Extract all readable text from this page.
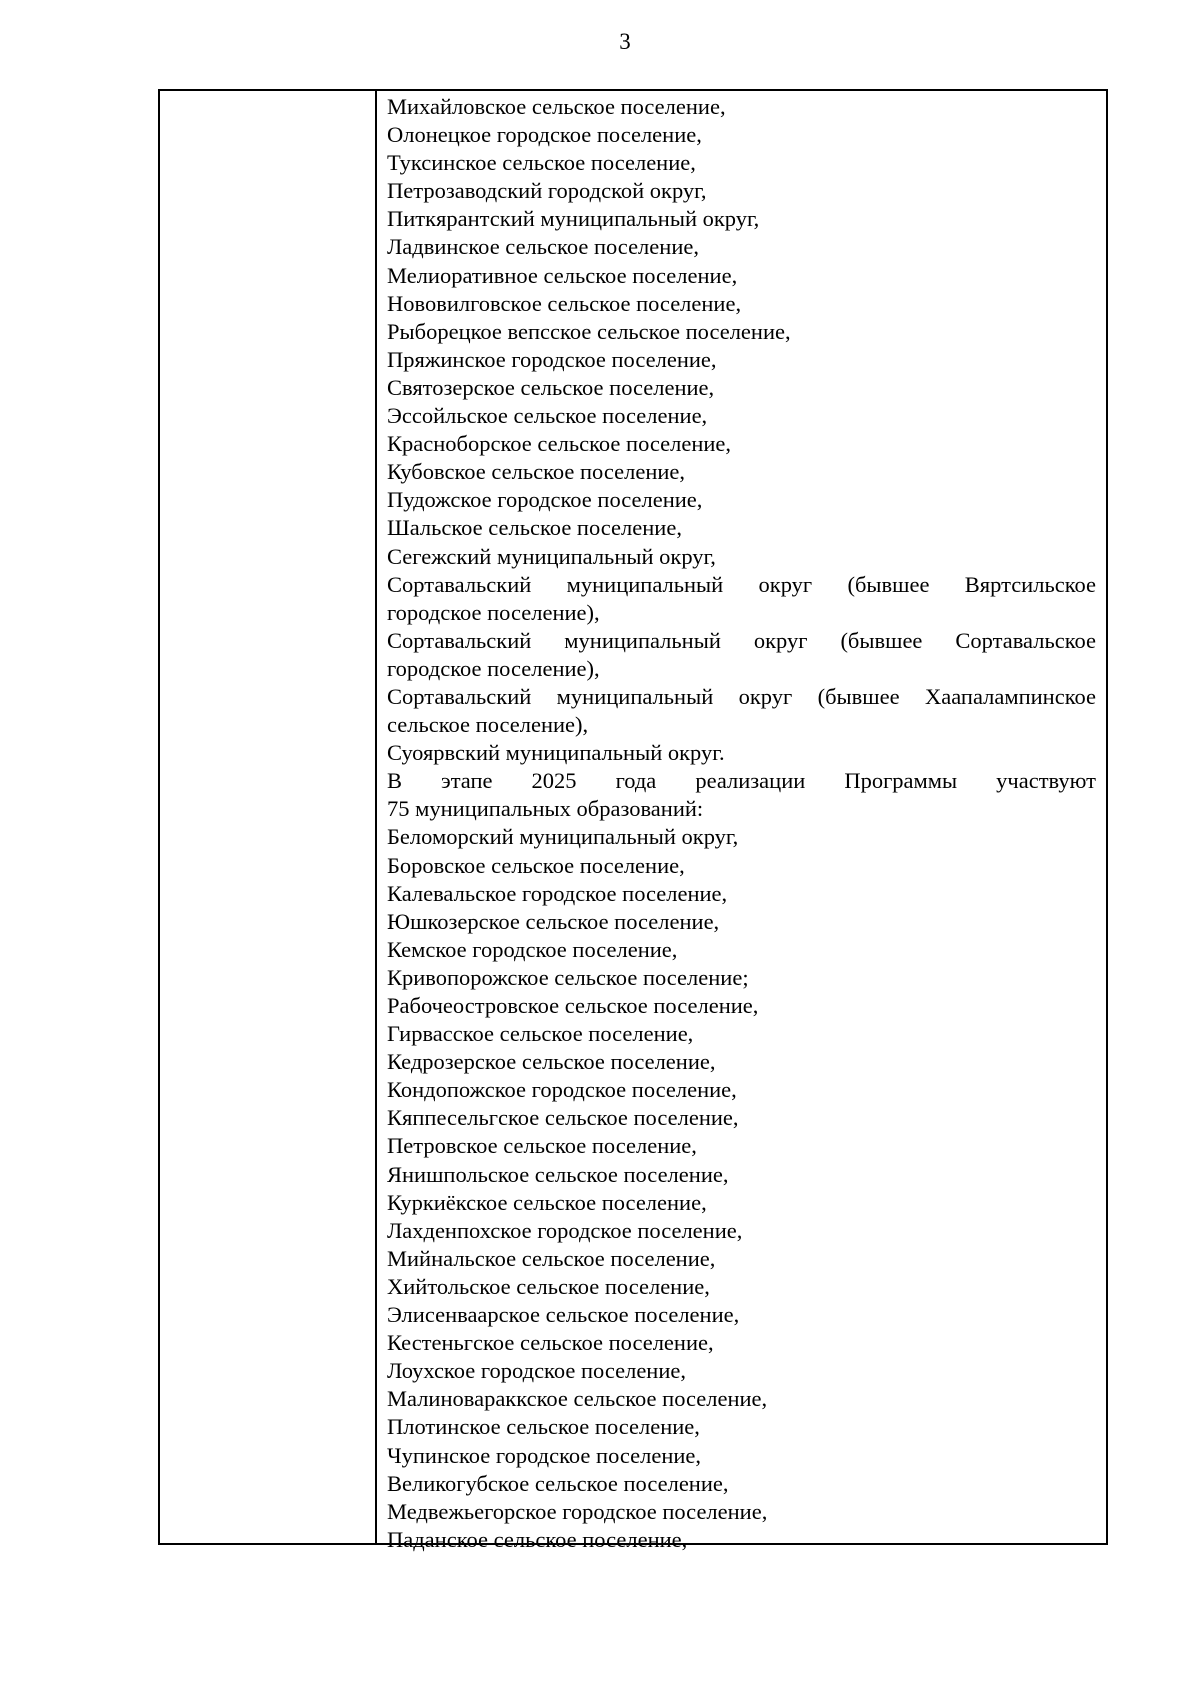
3
Михайловское сельское поселение,
Олонецкое городское поселение,
Туксинское сельское поселение,
Петрозаводский городской округ,
Питкярантский муниципальный округ,
Ладвинское сельское поселение,
Мелиоративное сельское поселение,
Нововилговское сельское поселение,
Рыборецкое вепсское сельское поселение,
Пряжинское городское поселение,
Святозерское сельское поселение,
Эссойльское сельское поселение,
Красноборское сельское поселение,
Кубовское сельское поселение,
Пудожское городское поселение,
Шальское сельское поселение,
Сегежский муниципальный округ,
Сортавальский муниципальный округ (бывшее Вяртсильское
городское поселение),
Сортавальский муниципальный округ (бывшее Сортавальское
городское поселение),
Сортавальский муниципальный округ (бывшее Хаапалампинское
сельское поселение),
Суоярвский муниципальный округ.
В этапе 2025 года реализации Программы участвуют
75 муниципальных образований:
Беломорский муниципальный округ,
Боровское сельское поселение,
Калевальское городское поселение,
Юшкозерское сельское поселение,
Кемское городское поселение,
Кривопорожское сельское поселение;
Рабочеостровское сельское поселение,
Гирвасское сельское поселение,
Кедрозерское сельское поселение,
Кондопожское городское поселение,
Кяппесельгское сельское поселение,
Петровское сельское поселение,
Янишпольское сельское поселение,
Куркиёкское сельское поселение,
Лахденпохское городское поселение,
Мийнальское сельское поселение,
Хийтольское сельское поселение,
Элисенваарское сельское поселение,
Кестеньгское сельское поселение,
Лоухское городское поселение,
Малиновараккское сельское поселение,
Плотинское сельское поселение,
Чупинское городское поселение,
Великогубское сельское поселение,
Медвежьегорское городское поселение,
Паданское сельское поселение,
